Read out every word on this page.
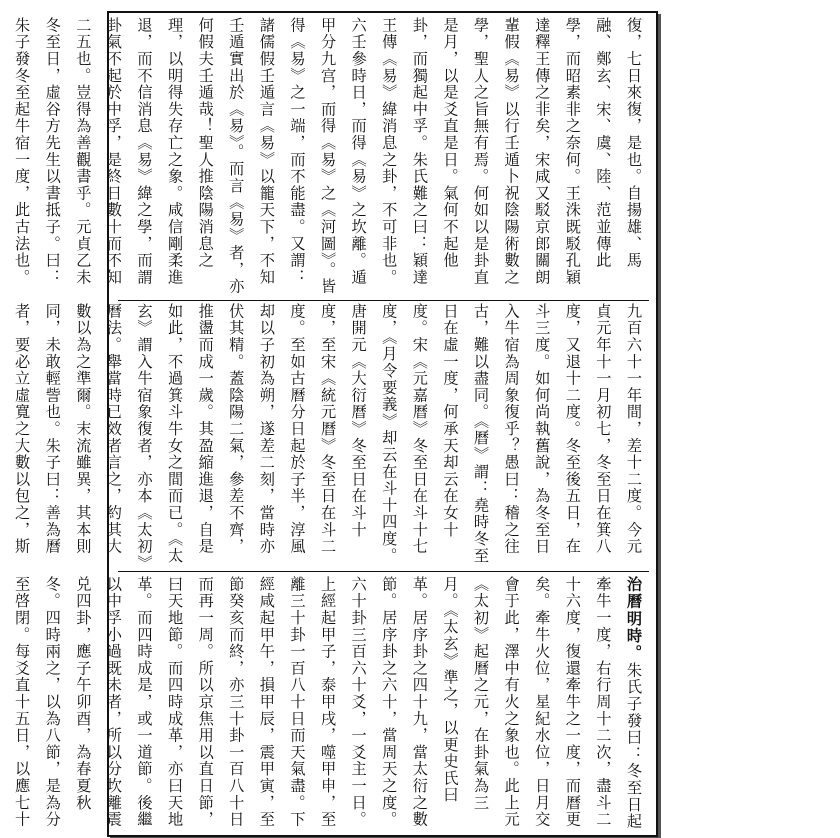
復，七日來復，是也。自揚雄、馬融、鄭玄、宋、虞、陸、范並傳此學，而昭素非之奈何。王洙既駁孔穎達釋王傳之非矣，宋咸又駁京郎關朗輩假《易》以行壬遁卜祝陰陽術數之學，聖人之旨無有焉。何如以是卦直是月，以是爻直是日。氣何不起他卦，而獨起中孚。朱氏難之曰：穎達王傳《易》緯消息之卦，不可非也。六壬參時日，而得《易》之坎離。遁甲分九宫，而得《易》之《河圖》。皆得《易》之一端，而不能盡。又謂：諸儒假壬遁言《易》以籠天下，不知壬遁實出於《易》。而言《易》者，亦何假夫壬遁哉！聖人推陰陽消息之理，以明得失存亡之象。咸信剛柔進退，而不信消息《易》緯之學，而謂卦氣不起於中孚，是終日數十而不知二五也。豈得為善觀書乎。元貞乙未冬至日，虛谷方先生以書抵子。曰：朱子發冬至起牛宿一度，此古法也。
九百六十一年間，差十二度。今元貞元年十一月初七，冬至日在箕八度，又退十二度。冬至後五日，在斗三度。如何尚執舊說，為冬至日入牛宿為周象復乎？愚曰：稽之往古，難以盡同。《曆》謂：堯時冬至日在虛一度，何承天却云在女十度。宋《元嘉曆》冬至日在斗十七度，《月令要義》却云在斗十四度。唐開元《大衍曆》冬至日在斗十度，至宋《統元曆》冬至日在斗二度。至如古曆分日起於子半，淳風却以子初為朔，遂差二刻，當時亦伏其精。蓋陰陽二氣，參差不齊，推盪而成一歲。其盈縮進退，自是如此，不過箕斗牛女之間而已。《太玄》謂入牛宿象復者，亦本《太初》曆法。舉當時已效者言之，約其大數以為之準爾。末流雖異，其本則同，未敢輕訾也。朱子曰：善為曆者，要必立虛寬之大數以包之，斯
治曆明時。朱氏子發曰：冬至日起牽牛一度，右行周十二次，盡斗二十六度，復還牽牛之一度，而曆更矣。牽牛火位，星紀水位，日月交會于此，澤中有火之象也。此上元《太初》起曆之元，在卦氣為三月。《太玄》準之，以更史氏曰革。居序卦之四十九，當太衍之數節。居序卦之六十，當周天之度。六十卦三百六十爻，一爻主一日。上經起甲子，泰甲戌，噬甲申，至離三十卦一百八十日而天氣盡。下經咸起甲午，損甲辰，震甲寅，至節癸亥而終，亦三十卦一百八十日而再一周。所以京焦用以直日節，曰天地節。而四時成革，亦曰天地革。而四時成是，或一道節。後繼以中孚小過既未者，所以分坎離震兑四卦，應子午卯酉，為春夏秋冬。四時兩之，以為八節，是為分至啓閉。每爻直十五日，以應七十
